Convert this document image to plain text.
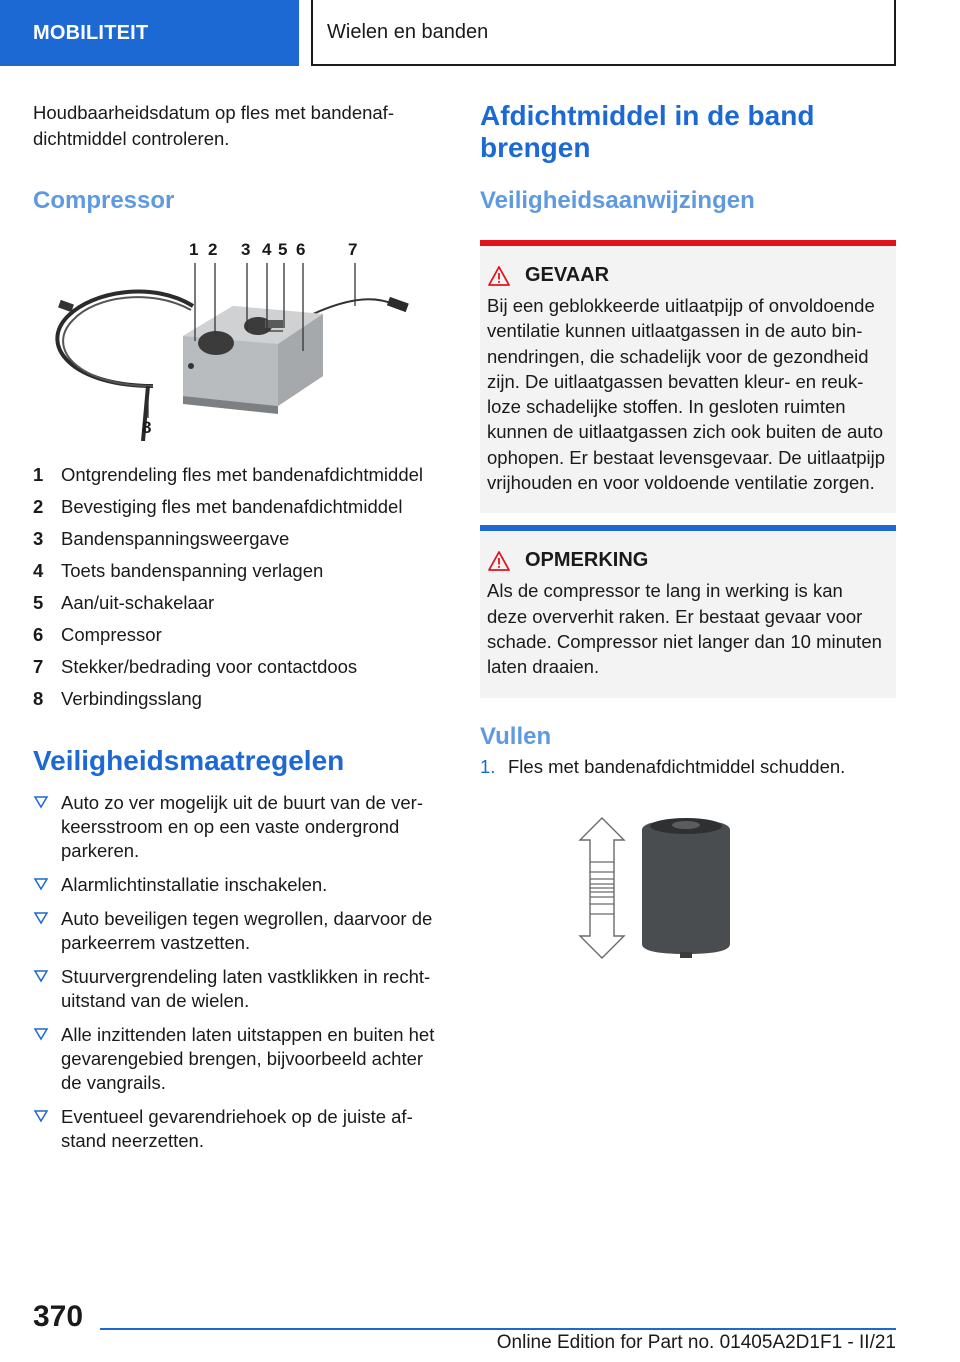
MOBILITEIT	Wielen en banden

Houdbaarheidsdatum op fles met bandenafdichtmiddel controleren.

Compressor
1 2 3 4 5 6	7
8
1 Ontgrendeling fles met bandenafdichtmiddel
2 Bevestiging fles met bandenafdichtmiddel
3 Bandenspanningsweergave
4 Toets bandenspanning verlagen
5 Aan/uit-schakelaar
6 Compressor
7 Stekker/bedrading voor contactdoos
8 Verbindingsslang
Veiligheidsmaatregelen
Auto zo ver mogelijk uit de buurt van de verkeersstroom en op een vaste ondergrond parkeren.
Alarmlichtinstallatie inschakelen.
Auto beveiligen tegen wegrollen, daarvoor de parkeerrem vastzetten.
Stuurvergrendeling laten vastklikken in rechtuitstand van de wielen.
Alle inzittenden laten uitstappen en buiten het gevarengebied brengen, bijvoorbeeld achter de vangrails.
Eventueel gevarendriehoek op de juiste afstand neerzetten.
Afdichtmiddel in de band brengen
Veiligheidsaanwijzingen
GEVAAR

Bij een geblokkeerde uitlaatpijp of onvoldoende ventilatie kunnen uitlaatgassen in de auto binnendringen, die schadelijk voor de gezondheid zijn. De uitlaatgassen bevatten kleur- en reukloze schadelijke stoffen. In gesloten ruimten kunnen de uitlaatgassen zich ook buiten de auto ophopen. Er bestaat levensgevaar. De uitlaatpijp vrijhouden en voor voldoende ventilatie zorgen.

OPMERKING

Als de compressor te lang in werking is kan deze oververhit raken. Er bestaat gevaar voor schade. Compressor niet langer dan 10 minuten laten draaien.

Vullen
1. Fles met bandenafdichtmiddel schudden.
370
Online Edition for Part no. 01405A2D1F1 - II/21
